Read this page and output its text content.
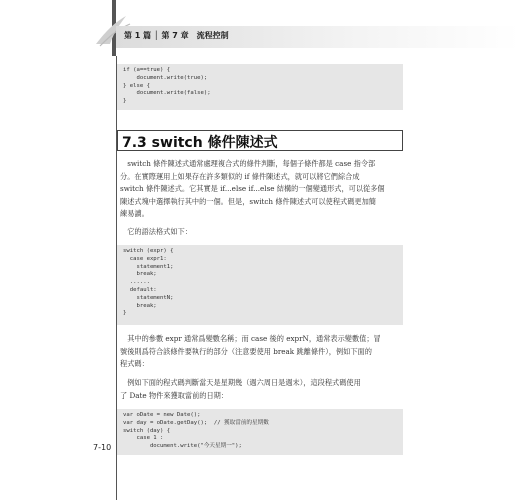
第 1 篇 │ 第 7 章　流程控制
if (a==true) {
document.write(true);
} else {
document.write(false);
}
7.3 switch 條件陳述式
　switch 條件陳述式通常處理複合式的條件判斷，每個子條件都是 case 指令部
分。在實際運用上如果存在許多類似的 if 條件陳述式，就可以將它們綜合成
switch 條件陳述式。它其實是 if...else if...else 結構的一個變通形式，可以從多個
陳述式塊中選擇執行其中的一個。但是，switch 條件陳述式可以使程式碼更加簡
練易讀。
　它的語法格式如下：
switch (expr) {
case expr1:
statement1;
break;
......
default:
statementN;
break;
}
　其中的參數 expr 通常爲變數名稱；而 case 後的 exprN，通常表示變數值；冒
號後則爲符合該條件要執行的部分（注意要使用 break 跳離條件），例如下面的
程式碼：
　例如下面的程式碼判斷當天是星期幾（週六周日是週末），這段程式碼使用
了 Date 物件來獲取當前的日期：
var oDate = new Date();
var day = oDate.getDay();  // 獲取當前的星期數
switch (day) {
case 1 :
document.write("今天星期一");
7-10
